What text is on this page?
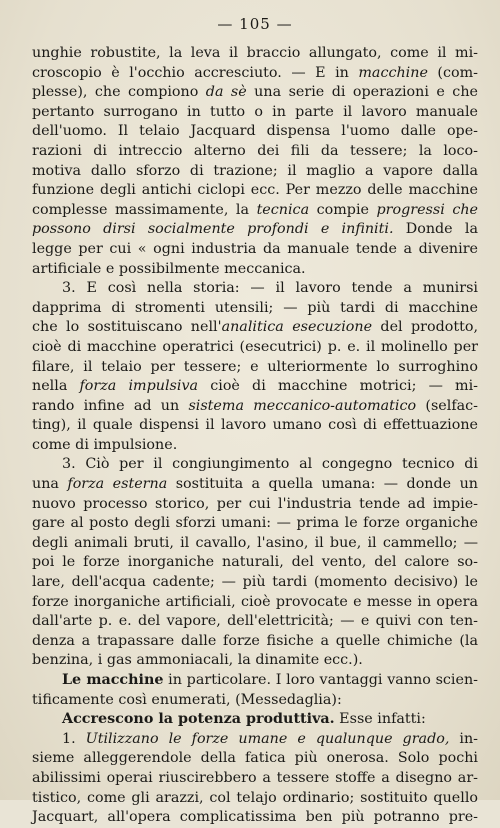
— 105 —
unghie robustite, la leva il braccio allungato, come il mi-
croscopio è l'occhio accresciuto. — E in macchine (com-
plesse), che compiono da sè una serie di operazioni e che
pertanto surrogano in tutto o in parte il lavoro manuale
dell'uomo. Il telaio Jacquard dispensa l'uomo dalle ope-
razioni di intreccio alterno dei fili da tessere; la loco-
motiva dallo sforzo di trazione; il maglio a vapore dalla
funzione degli antichi ciclopi ecc. Per mezzo delle macchine
complesse massimamente, la tecnica compie progressi che
possono dirsi socialmente profondi e infiniti. Donde la
legge per cui « ogni industria da manuale tende a divenire
artificiale e possibilmente meccanica.
3. E così nella storia: — il lavoro tende a munirsi
dapprima di stromenti utensili; — più tardi di macchine
che lo sostituiscano nell'analitica esecuzione del prodotto,
cioè di macchine operatrici (esecutrici) p. e. il molinello per
filare, il telaio per tessere; e ulteriormente lo surroghino
nella forza impulsiva cioè di macchine motrici; — mi-
rando infine ad un sistema meccanico-automatico (selfac-
ting), il quale dispensi il lavoro umano così di effettuazione
come di impulsione.
3. Ciò per il congiungimento al congegno tecnico di
una forza esterna sostituita a quella umana: — donde un
nuovo processo storico, per cui l'industria tende ad impie-
gare al posto degli sforzi umani: — prima le forze organiche
degli animali bruti, il cavallo, l'asino, il bue, il cammello; —
poi le forze inorganiche naturali, del vento, del calore so-
lare, dell'acqua cadente; — più tardi (momento decisivo) le
forze inorganiche artificiali, cioè provocate e messe in opera
dall'arte p. e. del vapore, dell'elettricità; — e quivi con ten-
denza a trapassare dalle forze fisiche a quelle chimiche (la
benzina, i gas ammoniacali, la dinamite ecc.).
Le macchine in particolare. I loro vantaggi vanno scien-
tificamente così enumerati, (Messedaglia):
Accrescono la potenza produttiva. Esse infatti:
1. Utilizzano le forze umane e qualunque grado, in-
sieme alleggerendole della fatica più onerosa. Solo pochi
abilissimi operai riuscirebbero a tessere stoffe a disegno ar-
tistico, come gli arazzi, col telajo ordinario; sostituito quello
Jacquart, all'opera complicatissima ben più potranno pre-
